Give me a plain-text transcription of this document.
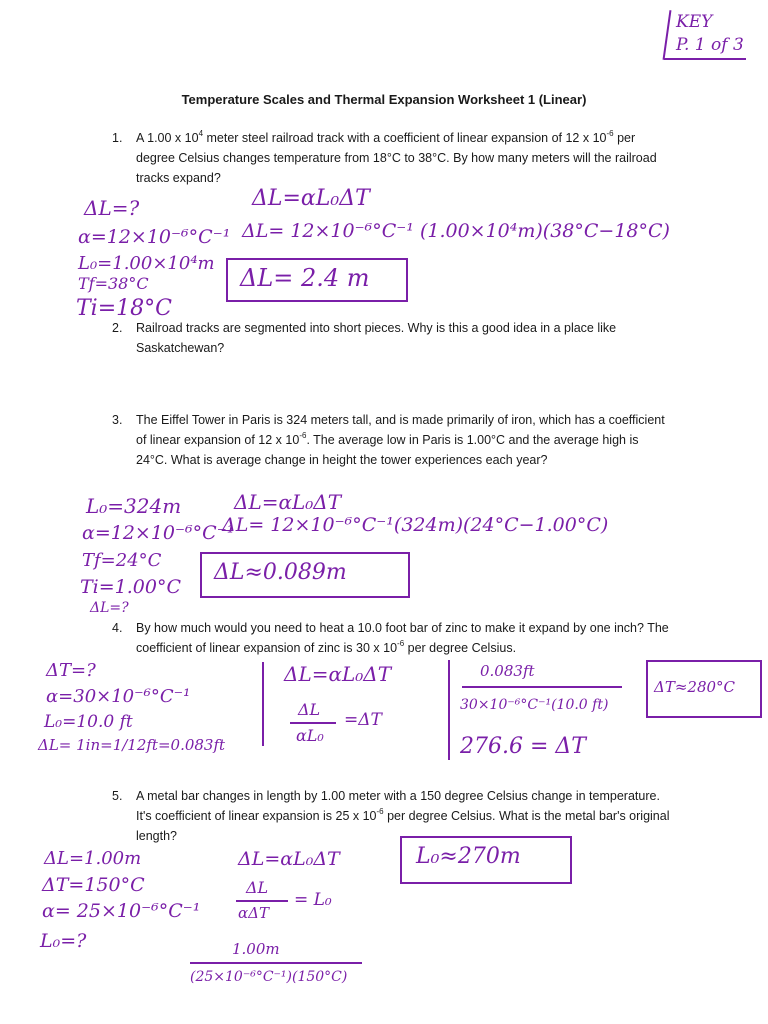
KEY
P. 1 of 3
Temperature Scales and Thermal Expansion Worksheet 1 (Linear)
1. A 1.00 x $10^4$ meter steel railroad track with a coefficient of linear expansion of 12 x $10^{-6}$ per degree Celsius changes temperature from 18°C to 38°C. By how many meters will the railroad tracks expand?
2. Railroad tracks are segmented into short pieces. Why is this a good idea in a place like Saskatchewan?
3. The Eiffel Tower in Paris is 324 meters tall, and is made primarily of iron, which has a coefficient of linear expansion of 12 x $10^{-6}$. The average low in Paris is 1.00°C and the average high is 24°C. What is average change in height the tower experiences each year?
4. By how much would you need to heat a 10.0 foot bar of zinc to make it expand by one inch? The coefficient of linear expansion of zinc is 30 x $10^{-6}$ per degree Celsius.
5. A metal bar changes in length by 1.00 meter with a 150 degree Celsius change in temperature. It's coefficient of linear expansion is 25 x $10^{-6}$ per degree Celsius. What is the metal bar's original length?
ΔL=?
α=12×10⁻⁶°C⁻¹
L₀=1.00×10⁴m
Tf=38°C
Ti=18°C
ΔL=αL₀ΔT
ΔL= 12×10⁻⁶°C⁻¹ (1.00×10⁴m)(38°C−18°C)
ΔL= 2.4 m
L₀=324m
α=12×10⁻⁶°C⁻¹
Tf=24°C
Ti=1.00°C
ΔL=?
ΔL=αL₀ΔT
ΔL= 12×10⁻⁶°C⁻¹(324m)(24°C−1.00°C)
ΔL≈0.089m
ΔT=?
α=30×10⁻⁶°C⁻¹
L₀=10.0 ft
ΔL= 1in=1/12ft=0.083ft
ΔL=αL₀ΔT
ΔL
αL₀
=ΔT
0.083ft
30×10⁻⁶°C⁻¹(10.0 ft)
276.6 = ΔT
ΔT≈280°C
ΔL=1.00m
ΔT=150°C
α= 25×10⁻⁶°C⁻¹
L₀=?
ΔL=αL₀ΔT
ΔL
αΔT
= L₀
1.00m
(25×10⁻⁶°C⁻¹)(150°C)
L₀≈270m
